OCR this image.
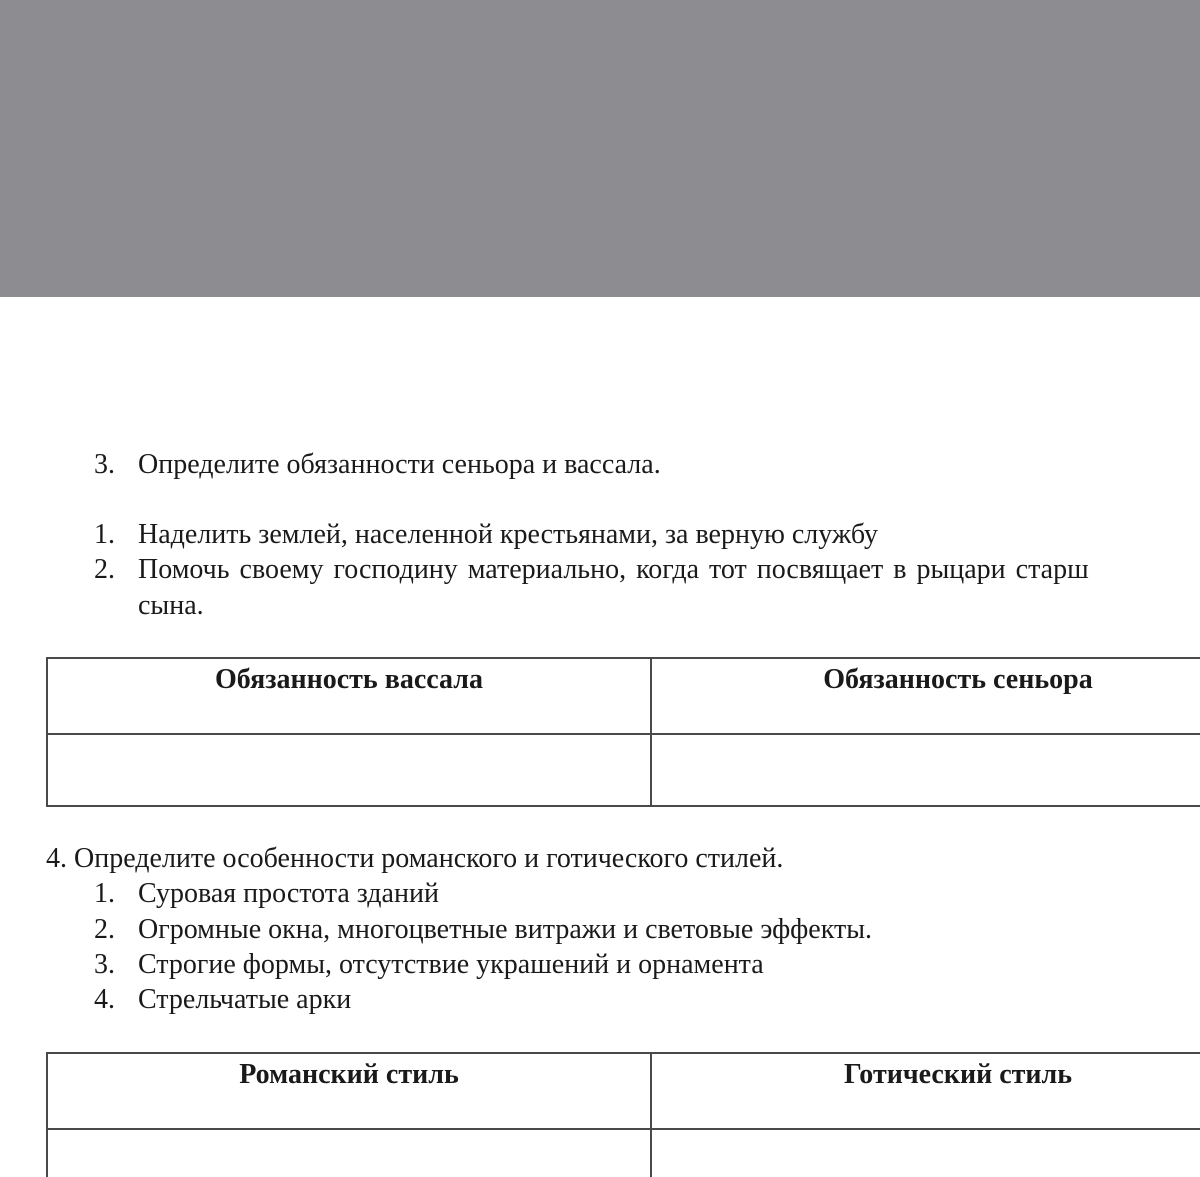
3. Определите обязанности сеньора и вассала.
1. Наделить землей, населенной крестьянами, за верную службу
2. Помочь своему господину материально, когда тот посвящает в рыцари старш
сына.
Обязанность вассала	Обязанность сеньора

4. Определите особенности романского и готического стилей.
1. Суровая простота зданий
2. Огромные окна, многоцветные витражи и световые эффекты.
3. Строгие формы, отсутствие украшений и орнамента
4. Стрельчатые арки
Романский стиль	Готический стиль
